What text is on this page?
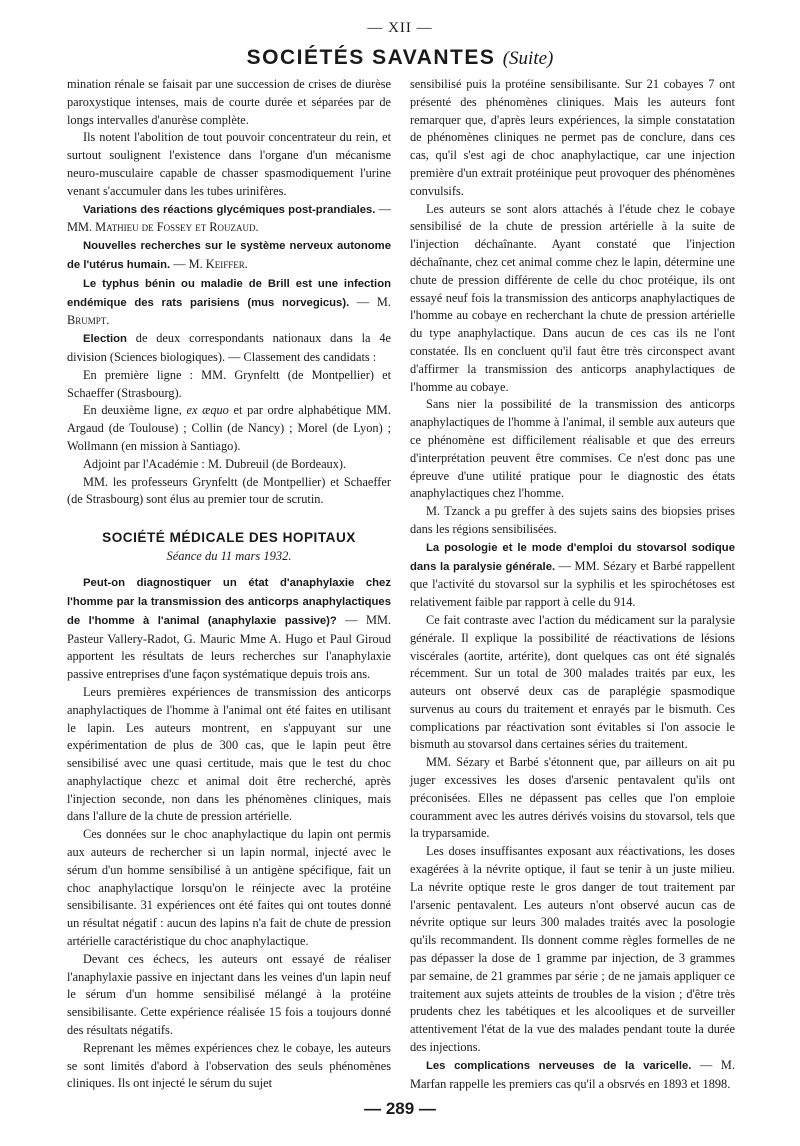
— XII —
SOCIÉTÉS SAVANTES (Suite)

mination rénale se faisait par une succession de crises de diurèse paroxystique intenses, mais de courte durée et séparées par de longs intervalles d'anurèse complète.

Ils notent l'abolition de tout pouvoir concentrateur du rein, et surtout soulignent l'existence dans l'organe d'un mécanisme neuro-musculaire capable de chasser spasmodiquement l'urine venant s'accumuler dans les tubes urinifères.

Variations des réactions glycémiques post-prandiales. — MM. Mathieu de Fossey et Rouzaud.

Nouvelles recherches sur le système nerveux autonome de l'utérus humain. — M. Keiffer.

Le typhus bénin ou maladie de Brill est une infection endémique des rats parisiens (mus norvegicus). — M. Brumpt.

Election de deux correspondants nationaux dans la 4e division (Sciences biologiques). — Classement des candidats :

En première ligne : MM. Grynfeltt (de Montpellier) et Schaeffer (Strasbourg).

En deuxième ligne, ex æquo et par ordre alphabétique MM. Argaud (de Toulouse) ; Collin (de Nancy) ; Morel (de Lyon) ; Wollmann (en mission à Santiago).

Adjoint par l'Académie : M. Dubreuil (de Bordeaux).

MM. les professeurs Grynfeltt (de Montpellier) et Schaeffer (de Strasbourg) sont élus au premier tour de scrutin.

SOCIÉTÉ MÉDICALE DES HOPITAUX
Séance du 11 mars 1932.

Peut-on diagnostiquer un état d'anaphylaxie chez l'homme par la transmission des anticorps anaphylactiques de l'homme à l'animal (anaphylaxie passive)? — MM. Pasteur Vallery-Radot, G. Mauric Mme A. Hugo et Paul Giroud apportent les résultats de leurs recherches sur l'anaphylaxie passive entreprises d'une façon systématique depuis trois ans.

Leurs premières expériences de transmission des anticorps anaphylactiques de l'homme à l'animal ont été faites en utilisant le lapin. Les auteurs montrent, en s'appuyant sur une expérimentation de plus de 300 cas, que le lapin peut être sensibilisé avec une quasi certitude, mais que le test du choc anaphylactique chezc et animal doit être recherché, après l'injection seconde, non dans les phénomènes cliniques, mais dans l'allure de la chute de pression artérielle.

Ces données sur le choc anaphylactique du lapin ont permis aux auteurs de rechercher si un lapin normal, injecté avec le sérum d'un homme sensibilisé à un antigène spécifique, fait un choc anaphylactique lorsqu'on le réinjecte avec la protéine sensibilisante. 31 expériences ont été faites qui ont toutes donné un résultat négatif : aucun des lapins n'a fait de chute de pression artérielle caractéristique du choc anaphylactique.

Devant ces échecs, les auteurs ont essayé de réaliser l'anaphylaxie passive en injectant dans les veines d'un lapin neuf le sérum d'un homme sensibilisé mélangé à la protéine sensibilisante. Cette expérience réalisée 15 fois a toujours donné des résultats négatifs.

Reprenant les mêmes expériences chez le cobaye, les auteurs se sont limités d'abord à l'observation des seuls phénomènes cliniques. Ils ont injecté le sérum du sujet

sensibilisé puis la protéine sensibilisante. Sur 21 cobayes 7 ont présenté des phénomènes cliniques. Mais les auteurs font remarquer que, d'après leurs expériences, la simple constatation de phénomènes cliniques ne permet pas de conclure, dans ces cas, qu'il s'est agi de choc anaphylactique, car une injection première d'un extrait protéinique peut provoquer des phénomènes convulsifs.

Les auteurs se sont alors attachés à l'étude chez le cobaye sensibilisé de la chute de pression artérielle à la suite de l'injection déchaînante. Ayant constaté que l'injection déchaînante, chez cet animal comme chez le lapin, détermine une chute de pression différente de celle du choc protéique, ils ont essayé neuf fois la transmission des anticorps anaphylactiques de l'homme au cobaye en recherchant la chute de pression artérielle du type anaphylactique. Dans aucun de ces cas ils ne l'ont constatée. Ils en concluent qu'il faut être très circonspect avant d'affirmer la transmission des anticorps anaphylactiques de l'homme au cobaye.

Sans nier la possibilité de la transmission des anticorps anaphylactiques de l'homme à l'animal, il semble aux auteurs que ce phénomène est difficilement réalisable et que des erreurs d'interprétation peuvent être commises. Ce n'est donc pas une épreuve d'une utilité pratique pour le diagnostic des états anaphylactiques chez l'homme.

M. Tzanck a pu greffer à des sujets sains des biopsies prises dans les régions sensibilisées.

La posologie et le mode d'emploi du stovarsol sodique dans la paralysie générale. — MM. Sézary et Barbé rappellent que l'activité du stovarsol sur la syphilis et les spirochétoses est relativement faible par rapport à celle du 914.

Ce fait contraste avec l'action du médicament sur la paralysie générale. Il explique la possibilité de réactivations de lésions viscérales (aortite, artérite), dont quelques cas ont été signalés récemment. Sur un total de 300 malades traités par eux, les auteurs ont observé deux cas de paraplégie spasmodique survenus au cours du traitement et enrayés par le bismuth. Ces complications par réactivation sont évitables si l'on associe le bismuth au stovarsol dans certaines séries du traitement.

MM. Sézary et Barbé s'étonnent que, par ailleurs on ait pu juger excessives les doses d'arsenic pentavalent qu'ils ont préconisées. Elles ne dépassent pas celles que l'on emploie couramment avec les autres dérivés voisins du stovarsol, tels que la tryparsamide.

Les doses insuffisantes exposant aux réactivations, les doses exagérées à la névrite optique, il faut se tenir à un juste milieu. La névrite optique reste le gros danger de tout traitement par l'arsenic pentavalent. Les auteurs n'ont observé aucun cas de névrite optique sur leurs 300 malades traités avec la posologie qu'ils recommandent. Ils donnent comme règles formelles de ne pas dépasser la dose de 1 gramme par injection, de 3 grammes par semaine, de 21 grammes par série ; de ne jamais appliquer ce traitement aux sujets atteints de troubles de la vision ; d'être très prudents chez les tabétiques et les alcooliques et de surveiller attentivement l'état de la vue des malades pendant toute la durée des injections.

Les complications nerveuses de la varicelle. — M. Marfan rappelle les premiers cas qu'il a obsrvés en 1893 et 1898.

— 289 —
